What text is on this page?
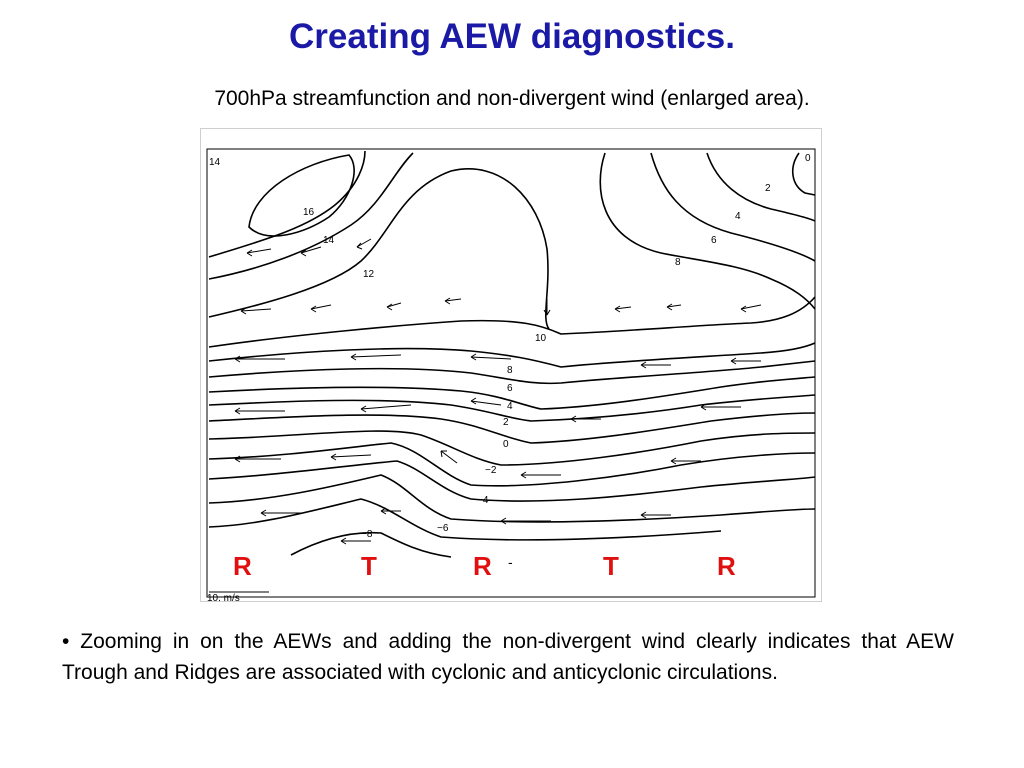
Creating AEW diagnostics.
700hPa streamfunction and non-divergent wind (enlarged area).
14
16
14
12
10
8
6
4
2
0
−2
−4
−6
−8
0
2
4
6
8
-
R	T	R	T	R
10. m/s
• Zooming in on the AEWs and adding the non-divergent wind clearly indicates that AEW Trough and Ridges are associated with cyclonic and anticyclonic circulations.
